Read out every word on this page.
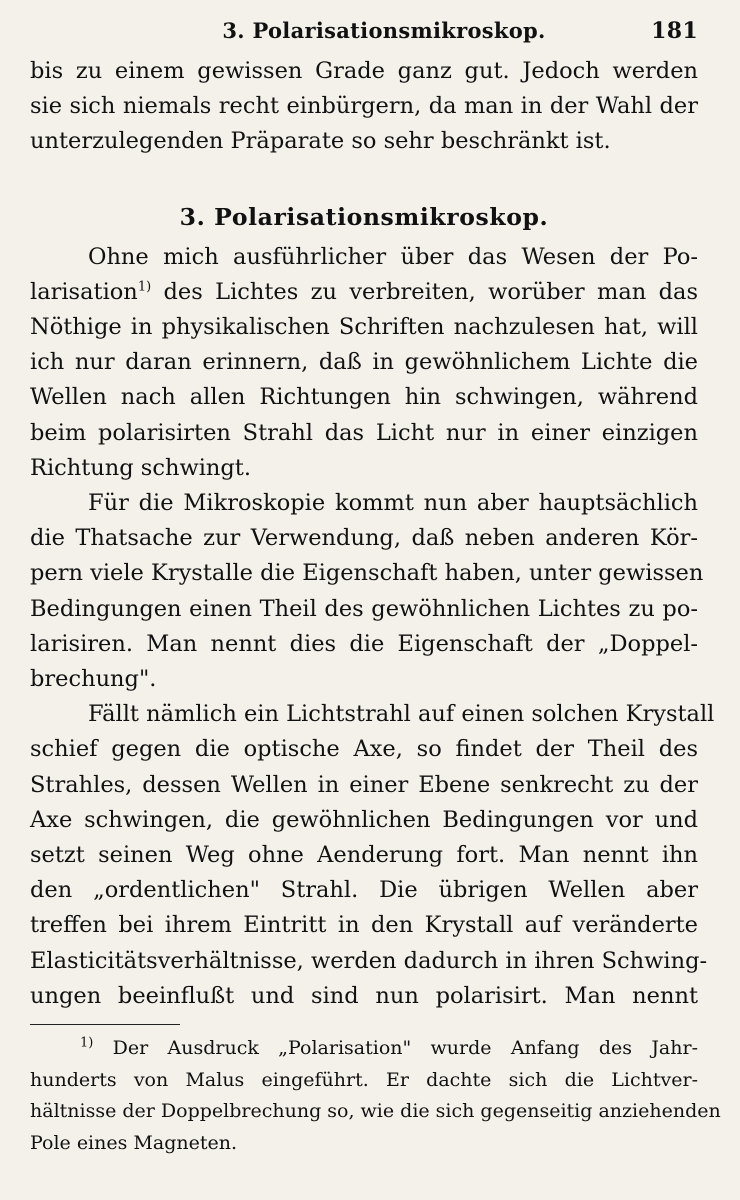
3. Polarisationsmikroskop.	181

bis zu einem gewissen Grade ganz gut. Jedoch werden
sie sich niemals recht einbürgern, da man in der Wahl der
unterzulegenden Präparate so sehr beschränkt ist.

3. Polarisationsmikroskop.

Ohne mich ausführlicher über das Wesen der Po-
larisation$^{1)}$ des Lichtes zu verbreiten, worüber man das
Nöthige in physikalischen Schriften nachzulesen hat, will
ich nur daran erinnern, daß in gewöhnlichem Lichte die
Wellen nach allen Richtungen hin schwingen, während
beim polarisirten Strahl das Licht nur in einer einzigen
Richtung schwingt.

Für die Mikroskopie kommt nun aber hauptsächlich
die Thatsache zur Verwendung, daß neben anderen Kör-
pern viele Krystalle die Eigenschaft haben, unter gewissen
Bedingungen einen Theil des gewöhnlichen Lichtes zu po-
larisiren. Man nennt dies die Eigenschaft der „Doppel-
brechung".

Fällt nämlich ein Lichtstrahl auf einen solchen Krystall
schief gegen die optische Axe, so findet der Theil des
Strahles, dessen Wellen in einer Ebene senkrecht zu der
Axe schwingen, die gewöhnlichen Bedingungen vor und
setzt seinen Weg ohne Aenderung fort. Man nennt ihn
den „ordentlichen" Strahl. Die übrigen Wellen aber
treffen bei ihrem Eintritt in den Krystall auf veränderte
Elasticitätsverhältnisse, werden dadurch in ihren Schwing-
ungen beeinflußt und sind nun polarisirt. Man nennt

$^{1)}$ Der Ausdruck „Polarisation" wurde Anfang des Jahr-
hunderts von Malus eingeführt. Er dachte sich die Lichtver-
hältnisse der Doppelbrechung so, wie die sich gegenseitig anziehenden
Pole eines Magneten.
